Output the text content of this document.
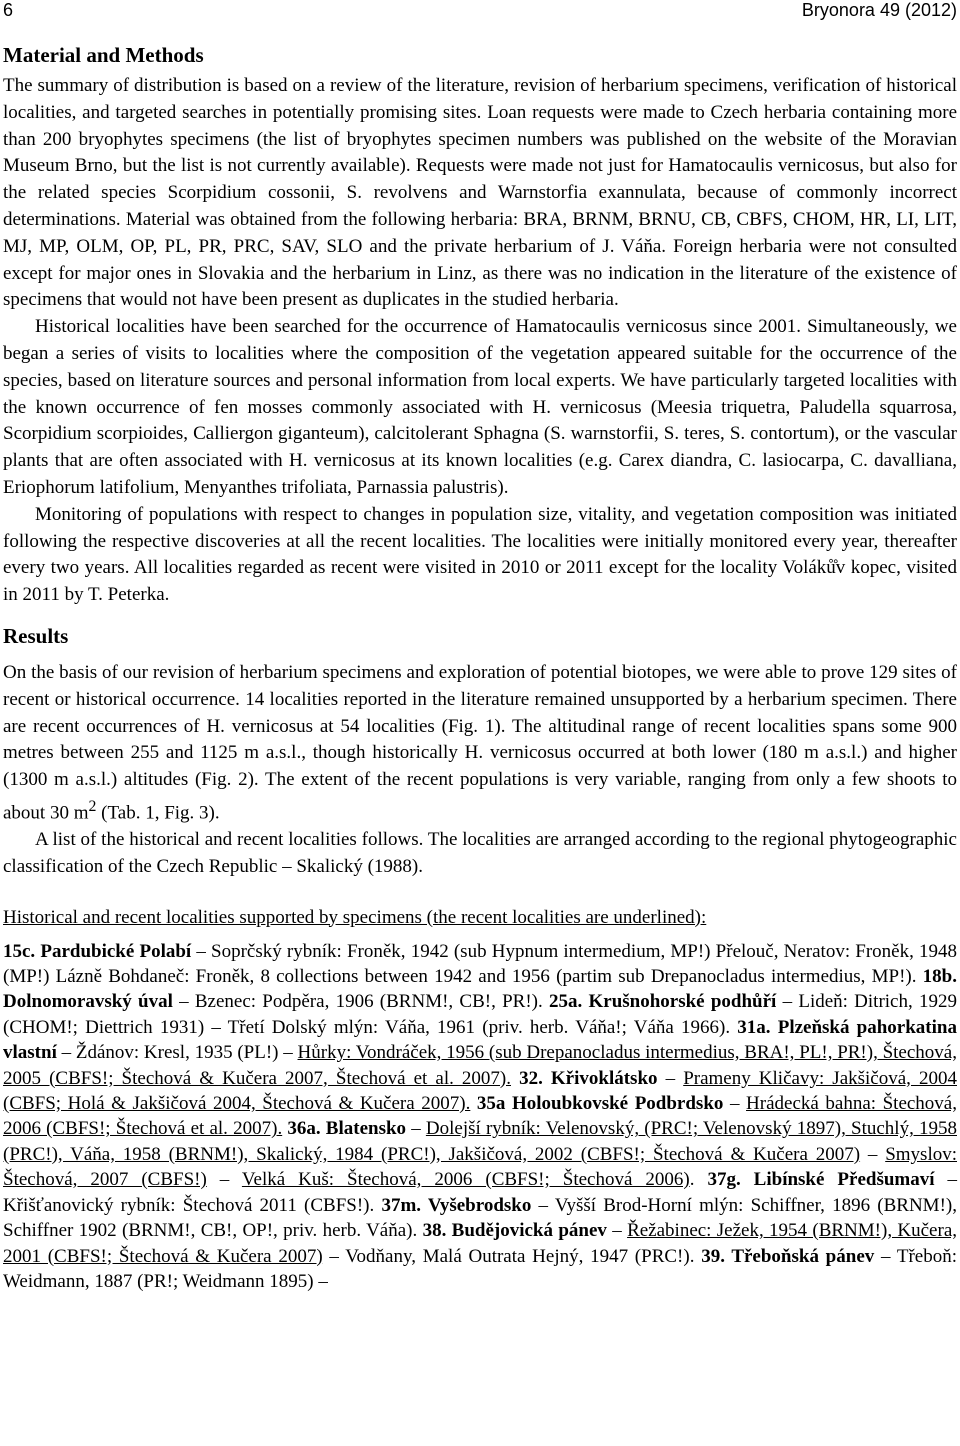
6	Bryonora 49 (2012)
Material and Methods

The summary of distribution is based on a review of the literature, revision of herbarium specimens, verification of historical localities, and targeted searches in potentially promising sites. Loan requests were made to Czech herbaria containing more than 200 bryophytes specimens (the list of bryophytes specimen numbers was published on the website of the Moravian Museum Brno, but the list is not currently available). Requests were made not just for Hamatocaulis vernicosus, but also for the related species Scorpidium cossonii, S. revolvens and Warnstorfia exannulata, because of commonly incorrect determinations. Material was obtained from the following herbaria: BRA, BRNM, BRNU, CB, CBFS, CHOM, HR, LI, LIT, MJ, MP, OLM, OP, PL, PR, PRC, SAV, SLO and the private herbarium of J. Váňa. Foreign herbaria were not consulted except for major ones in Slovakia and the herbarium in Linz, as there was no indication in the literature of the existence of specimens that would not have been present as duplicates in the studied herbaria.

Historical localities have been searched for the occurrence of Hamatocaulis vernicosus since 2001. Simultaneously, we began a series of visits to localities where the composition of the vegetation appeared suitable for the occurrence of the species, based on literature sources and personal information from local experts. We have particularly targeted localities with the known occurrence of fen mosses commonly associated with H. vernicosus (Meesia triquetra, Paludella squarrosa, Scorpidium scorpioides, Calliergon giganteum), calcitolerant Sphagna (S. warnstorfii, S. teres, S. contortum), or the vascular plants that are often associated with H. vernicosus at its known localities (e.g. Carex diandra, C. lasiocarpa, C. davalliana, Eriophorum latifolium, Menyanthes trifoliata, Parnassia palustris).

Monitoring of populations with respect to changes in population size, vitality, and vegetation composition was initiated following the respective discoveries at all the recent localities. The localities were initially monitored every year, thereafter every two years. All localities regarded as recent were visited in 2010 or 2011 except for the locality Voláků̊v kopec, visited in 2011 by T. Peterka.

Results

On the basis of our revision of herbarium specimens and exploration of potential biotopes, we were able to prove 129 sites of recent or historical occurrence. 14 localities reported in the literature remained unsupported by a herbarium specimen. There are recent occurrences of H. vernicosus at 54 localities (Fig. 1). The altitudinal range of recent localities spans some 900 metres between 255 and 1125 m a.s.l., though historically H. vernicosus occurred at both lower (180 m a.s.l.) and higher (1300 m a.s.l.) altitudes (Fig. 2). The extent of the recent populations is very variable, ranging from only a few shoots to about 30 $m^2$ (Tab. 1, Fig. 3).

A list of the historical and recent localities follows. The localities are arranged according to the regional phytogeographic classification of the Czech Republic – Skalický (1988).

Historical and recent localities supported by specimens (the recent localities are underlined):
15c. Pardubické Polabí – Soprčský rybník: Froněk, 1942 (sub Hypnum intermedium, MP!) Přelouč, Neratov: Froněk, 1948 (MP!) Lázně Bohdaneč: Froněk, 8 collections between 1942 and 1956 (partim sub Drepanocladus intermedius, MP!). 18b. Dolnomoravský úval – Bzenec: Podpěra, 1906 (BRNM!, CB!, PR!). 25a. Krušnohorské podhůří – Lideň: Ditrich, 1929 (CHOM!; Diettrich 1931) – Třetí Dolský mlýn: Váňa, 1961 (priv. herb. Váňa!; Váňa 1966). 31a. Plzeňská pahorkatina vlastní – Ždánov: Kresl, 1935 (PL!) – Hůrky: Vondráček, 1956 (sub Drepanocladus intermedius, BRA!, PL!, PR!), Štechová, 2005 (CBFS!; Štechová & Kučera 2007, Štechová et al. 2007). 32. Křivoklátsko – Prameny Kličavy: Jakšičová, 2004 (CBFS; Holá & Jakšičová 2004, Štechová & Kučera 2007). 35a Holoubkovské Podbrdsko – Hrádecká bahna: Štechová, 2006 (CBFS!; Štechová et al. 2007). 36a. Blatensko – Dolejší rybník: Velenovský, (PRC!; Velenovský 1897), Stuchlý, 1958 (PRC!), Váňa, 1958 (BRNM!), Skalický, 1984 (PRC!), Jakšičová, 2002 (CBFS!; Štechová & Kučera 2007) – Smyslov: Štechová, 2007 (CBFS!) – Velká Kuš: Štechová, 2006 (CBFS!; Štechová 2006). 37g. Libínské Předšumaví – Křišťanovický rybník: Štechová 2011 (CBFS!). 37m. Vyšebrodsko – Vyšší Brod-Horní mlýn: Schiffner, 1896 (BRNM!), Schiffner 1902 (BRNM!, CB!, OP!, priv. herb. Váňa). 38. Budějovická pánev – Řežabinec: Ježek, 1954 (BRNM!), Kučera, 2001 (CBFS!; Štechová & Kučera 2007) – Vodňany, Malá Outrata Hejný, 1947 (PRC!). 39. Třeboňská pánev – Třeboň: Weidmann, 1887 (PR!; Weidmann 1895) –
